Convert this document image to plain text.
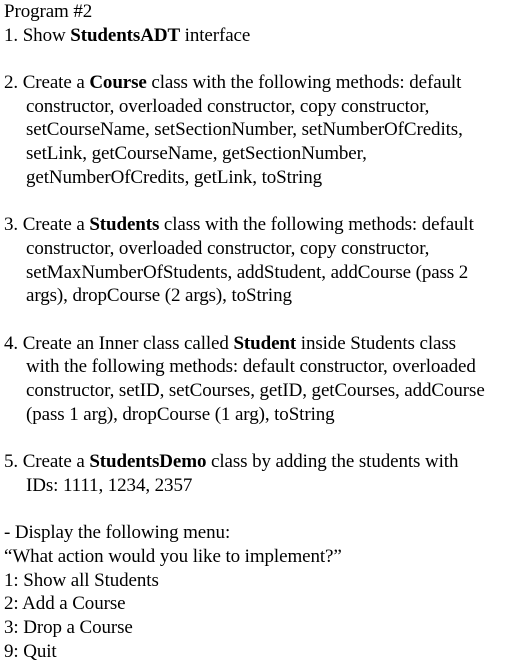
Program #2
1. Show StudentsADT interface
2. Create a Course class with the following methods: default
constructor, overloaded constructor, copy constructor,
setCourseName, setSectionNumber, setNumberOfCredits,
setLink, getCourseName, getSectionNumber,
getNumberOfCredits, getLink, toString
3. Create a Students class with the following methods: default
constructor, overloaded constructor, copy constructor,
setMaxNumberOfStudents, addStudent, addCourse (pass 2
args), dropCourse (2 args), toString
4. Create an Inner class called Student inside Students class
with the following methods: default constructor, overloaded
constructor, setID, setCourses, getID, getCourses, addCourse
(pass 1 arg), dropCourse (1 arg), toString
5. Create a StudentsDemo class by adding the students with
IDs: 1111, 1234, 2357
- Display the following menu:
“What action would you like to implement?”
1: Show all Students
2: Add a Course
3: Drop a Course
9: Quit
